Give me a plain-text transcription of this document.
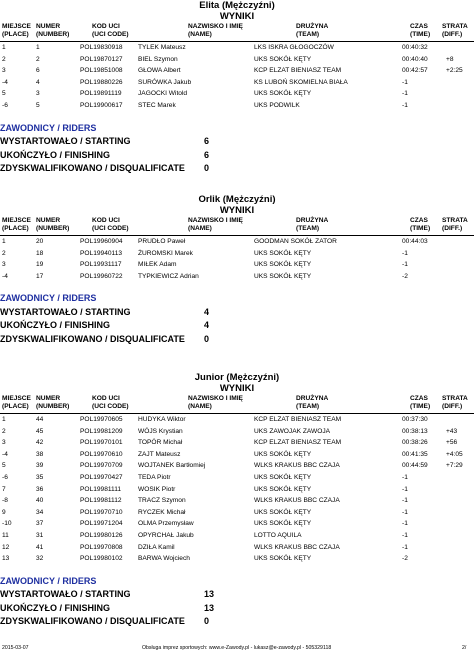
Elita (Mężczyźni)
WYNIKI
MIEJSCE
(PLACE)
NUMER
(NUMBER)
KOD UCI
(UCI CODE)
NAZWISKO I IMIĘ
(NAME)
DRUŻYNA
(TEAM)
CZAS
(TIME)
STRATA
(DIFF.)
1	1	POL19830918 TYLEK Mateusz	LKS ISKRA GŁOGOCZÓW	00:40:32
2	2	POL19870127 BIEL Szymon	UKS SOKÓŁ KĘTY	00:40:40	+8
3	6	POL19851008 GŁOWA Albert	KCP ELZAT BIENIASZ TEAM	00:42:57	+2:25
-4	4	POL19880226 SURÓWKA Jakub	KS LUBOŃ SKOMIELNA BIAŁA	-1
5	3	POL19891119 JAGOCKI Witold	UKS SOKÓŁ KĘTY	-1
-6	5	POL19900617 STEC Marek	UKS PODWILK	-1
ZAWODNICY / RIDERS
WYSTARTOWAŁO / STARTING	6
UKOŃCZYŁO / FINISHING	6
ZDYSKWALIFIKOWANO / DISQUALIFICATE 0
Orlik (Mężczyźni)
WYNIKI
MIEJSCE
(PLACE)
NUMER
(NUMBER)
KOD UCI
(UCI CODE)
NAZWISKO I IMIĘ
(NAME)
DRUŻYNA
(TEAM)
CZAS
(TIME)
STRATA
(DIFF.)
1	20	POL19960904 PRUDŁO Paweł	GOODMAN SOKÓŁ ZATOR	00:44:03
2	18	POL19940113 ŻUROMSKI Marek	UKS SOKÓŁ KĘTY	-1
3	19	POL19931117 MIŁEK Adam	UKS SOKÓŁ KĘTY	-1
-4	17	POL19960722 TYPKIEWICZ Adrian	UKS SOKÓŁ KĘTY	-2
ZAWODNICY / RIDERS
WYSTARTOWAŁO / STARTING	4
UKOŃCZYŁO / FINISHING	4
ZDYSKWALIFIKOWANO / DISQUALIFICATE 0
Junior (Mężczyźni)
WYNIKI
MIEJSCE
(PLACE)
NUMER
(NUMBER)
KOD UCI
(UCI CODE)
NAZWISKO I IMIĘ
(NAME)
DRUŻYNA
(TEAM)
CZAS
(TIME)
STRATA
(DIFF.)
1	44	POL19970605 HUDYKA Wiktor	KCP ELZAT BIENIASZ TEAM	00:37:30
2	45	POL19981209 WÓJS Krystian	UKS ZAWOJAK ZAWOJA	00:38:13	+43
3	42	POL19970101 TOPÓR Michał	KCP ELZAT BIENIASZ TEAM	00:38:26	+56
-4	38	POL19970610 ZAJT Mateusz	UKS SOKÓŁ KĘTY	00:41:35	+4:05
5	39	POL19970709 WOJTANEK Bartłomiej	WLKS KRAKUS BBC CZAJA	00:44:59	+7:29
-6	35	POL19970427 TEDA Piotr	UKS SOKÓŁ KĘTY	-1
7	36	POL19981111	WOSIK Piotr	UKS SOKÓŁ KĘTY	-1
-8	40	POL19981112 TRACZ Szymon	WLKS KRAKUS BBC CZAJA	-1
9	34	POL19970710 RYCZEK Michał	UKS SOKÓŁ KĘTY	-1
-10	37	POL19971204 OLMA Przemysław	UKS SOKÓŁ KĘTY	-1
11	31	POL19980126 OPYRCHAŁ Jakub	LOTTO AQUILA	-1
12	41	POL19970808 DZIŁA Kamil	WLKS KRAKUS BBC CZAJA	-1
13	32	POL19980102 BARWA Wojciech	UKS SOKÓŁ KĘTY	-2
ZAWODNICY / RIDERS
WYSTARTOWAŁO / STARTING	13
UKOŃCZYŁO / FINISHING	13
ZDYSKWALIFIKOWANO / DISQUALIFICATE 0
2015-03-07	Obsługa imprez sportowych: www.e-Zawody.pl - lukasz@e-zawody.pl - 505329118	2/
